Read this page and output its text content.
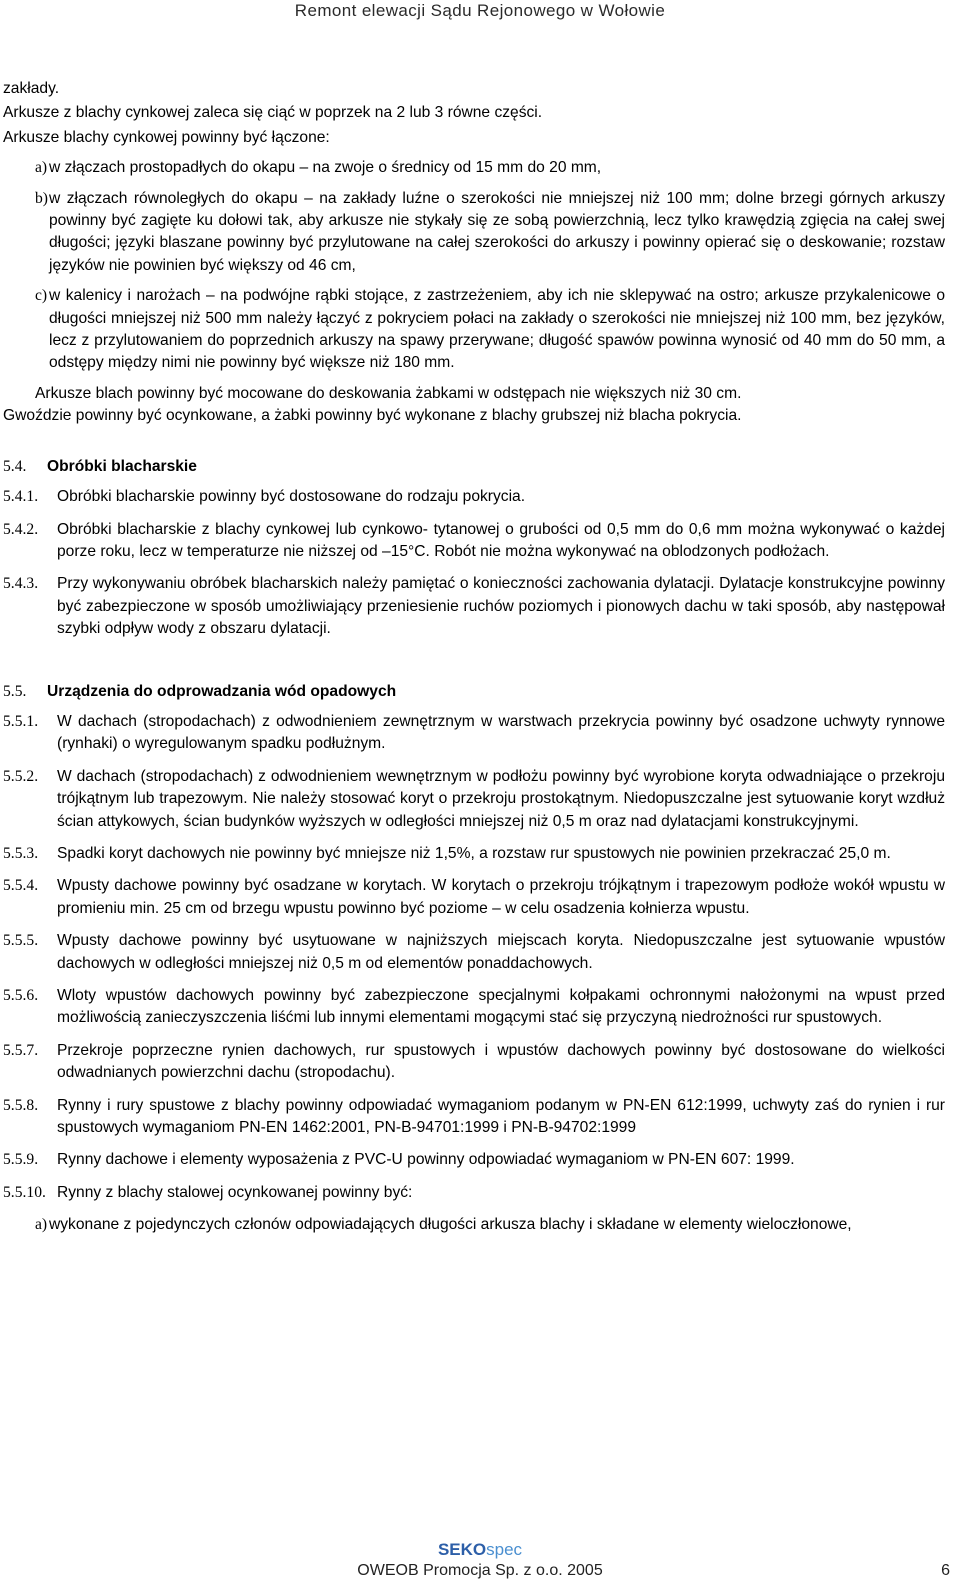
Remont elewacji Sądu Rejonowego w Wołowie

zakłady.

Arkusze z blachy cynkowej zaleca się ciąć w poprzek na 2 lub 3 równe części.

Arkusze blachy cynkowej powinny być łączone:

a) w złączach prostopadłych do okapu – na zwoje o średnicy od 15 mm do 20 mm,
b) w złączach równoległych do okapu – na zakłady luźne o szerokości nie mniejszej niż 100 mm; dolne brzegi górnych arkuszy powinny być zagięte ku dołowi tak, aby arkusze nie stykały się ze sobą powierzchnią, lecz tylko krawędzią zgięcia na całej swej długości; języki blaszane powinny być przylutowane na całej szerokości do arkuszy i powinny opierać się o deskowanie; rozstaw języków nie powinien być większy od 46 cm,
c) w kalenicy i narożach – na podwójne rąbki stojące, z zastrzeżeniem, aby ich nie sklepywać na ostro; arkusze przykalenicowe o długości mniejszej niż 500 mm należy łączyć z pokryciem połaci na zakłady o szerokości nie mniejszej niż 100 mm, bez języków, lecz z przylutowaniem do poprzednich arkuszy na spawy przerywane; długość spawów powinna wynosić od 40 mm do 50 mm, a odstępy między nimi nie powinny być większe niż 180 mm.

Arkusze blach powinny być mocowane do deskowania żabkami w odstępach nie większych niż 30 cm.

Gwoździe powinny być ocynkowane, a żabki powinny być wykonane z blachy grubszej niż blacha pokrycia.

5.4.	Obróbki blacharskie
5.4.1.	Obróbki blacharskie powinny być dostosowane do rodzaju pokrycia.
5.4.2.	Obróbki blacharskie z blachy cynkowej lub cynkowo- tytanowej o grubości od 0,5 mm do 0,6 mm można wykonywać o każdej porze roku, lecz w temperaturze nie niższej od –15°C. Robót nie można wykonywać na oblodzonych podłożach.
5.4.3.	Przy wykonywaniu obróbek blacharskich należy pamiętać o konieczności zachowania dylatacji. Dylatacje konstrukcyjne powinny być zabezpieczone w sposób umożliwiający przeniesienie ruchów poziomych i pionowych dachu w taki sposób, aby następował szybki odpływ wody z obszaru dylatacji.
5.5.	Urządzenia do odprowadzania wód opadowych
5.5.1.	W dachach (stropodachach) z odwodnieniem zewnętrznym w warstwach przekrycia powinny być osadzone uchwyty rynnowe (rynhaki) o wyregulowanym spadku podłużnym.
5.5.2.	W dachach (stropodachach) z odwodnieniem wewnętrznym w podłożu powinny być wyrobione koryta odwadniające o przekroju trójkątnym lub trapezowym. Nie należy stosować koryt o przekroju prostokątnym. Niedopuszczalne jest sytuowanie koryt wzdłuż ścian attykowych, ścian budynków wyższych w odległości mniejszej niż 0,5 m oraz nad dylatacjami konstrukcyjnymi.
5.5.3.	Spadki koryt dachowych nie powinny być mniejsze niż 1,5%, a rozstaw rur spustowych nie powinien przekraczać 25,0 m.
5.5.4.	Wpusty dachowe powinny być osadzane w korytach. W korytach o przekroju trójkątnym i trapezowym podłoże wokół wpustu w promieniu min. 25 cm od brzegu wpustu powinno być poziome – w celu osadzenia kołnierza wpustu.
5.5.5.	Wpusty dachowe powinny być usytuowane w najniższych miejscach koryta. Niedopuszczalne jest sytuowanie wpustów dachowych w odległości mniejszej niż 0,5 m od elementów ponaddachowych.
5.5.6.	Wloty wpustów dachowych powinny być zabezpieczone specjalnymi kołpakami ochronnymi nałożonymi na wpust przed możliwością zanieczyszczenia liśćmi lub innymi elementami mogącymi stać się przyczyną niedrożności rur spustowych.
5.5.7.	Przekroje poprzeczne rynien dachowych, rur spustowych i wpustów dachowych powinny być dostosowane do wielkości odwadnianych powierzchni dachu (stropodachu).
5.5.8.	Rynny i rury spustowe z blachy powinny odpowiadać wymaganiom podanym w PN-EN 612:1999, uchwyty zaś do rynien i rur spustowych wymaganiom PN-EN 1462:2001, PN-B-94701:1999 i PN-B-94702:1999
5.5.9.	Rynny dachowe i elementy wyposażenia z PVC-U powinny odpowiadać wymaganiom w PN-EN 607: 1999.
5.5.10. Rynny z blachy stalowej ocynkowanej powinny być:
a) wykonane z pojedynczych członów odpowiadających długości arkusza blachy i składane w elementy wieloczłonowe,
SEKOspec
OWEOB Promocja Sp. z o.o. 2005	6
